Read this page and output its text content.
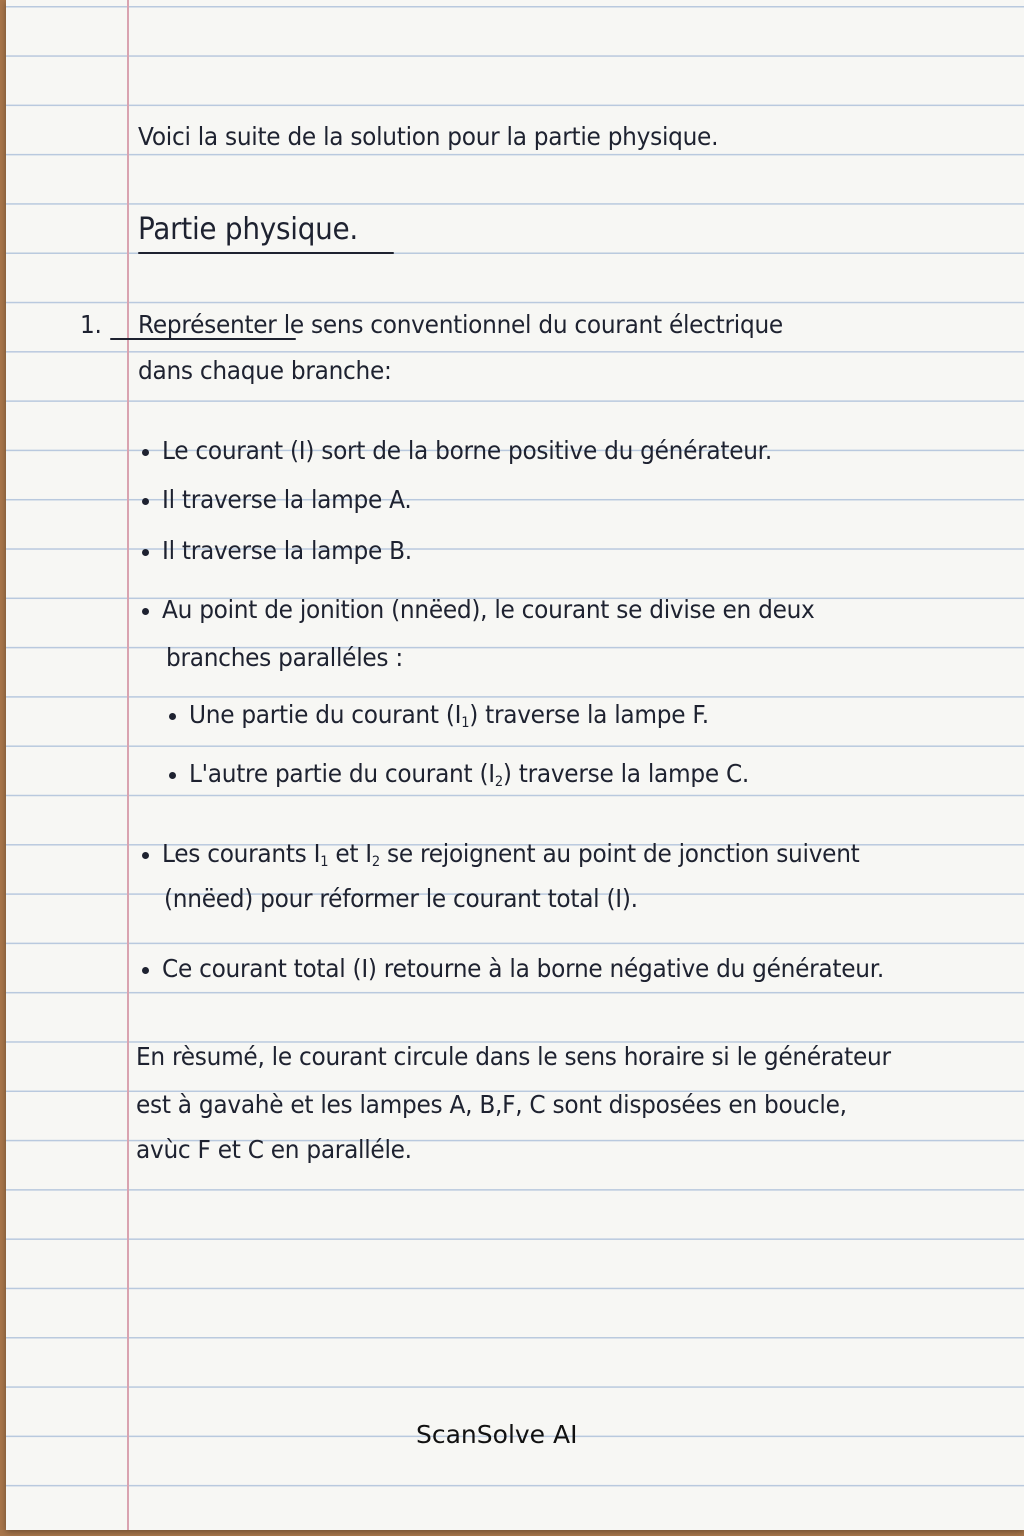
Voici la suite de la solution pour la partie physique.
Partie physique.
1. Représenter le sens conventionnel du courant électrique
dans chaque branche:
Le courant (I) sort de la borne positive du générateur.
Il traverse la lampe A.
Il traverse la lampe B.
Au point de jonition (nnëed), le courant se divise en deux
branches paralléles :
Une partie du courant $(I_1)$ traverse la lampe F.
L'autre partie du courant $(I_2)$ traverse la lampe C.
Les courants $I_1$ et $I_2$ se rejoignent au point de jonction suivent
(nnëed) pour réformer le courant total (I).
Ce courant total (I) retourne à la borne négative du générateur.
En rèsumé, le courant circule dans le sens horaire si le générateur
est à gavahè et les lampes A, B,F, C sont disposées en boucle,
avùc F et C en paralléle.
ScanSolve AI
